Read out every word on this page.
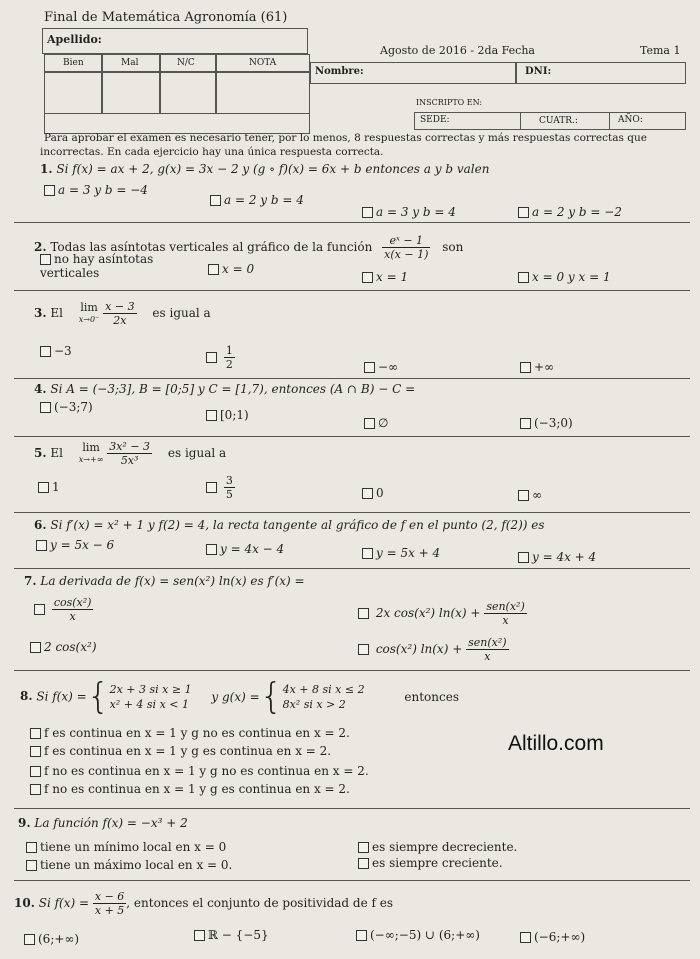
Final de Matemática Agronomía (61)
Apellido:
Agosto de 2016 - 2da Fecha	Tema 1
Bien	Mal	N/C	NOTA
Nombre:	DNI:
INSCRIPTO EN:
SEDE:	CUATR.:	AÑO:
Para aprobar el examen es necesario tener, por lo menos, 8 respuestas correctas y más respuestas correctas que
incorrectas. En cada ejercicio hay una única respuesta correcta.
1. Si f(x) = ax + 2, g(x) = 3x − 2 y (g ∘ f)(x) = 6x + b entonces a y b valen
a = 3 y b = −4
a = 2 y b = 4
a = 3 y b = 4	a = 2 y b = −2
2. Todas las asíntotas verticales al gráfico de la función $\frac{\text{eˣ − 1}}{x(x - 1)}$ son
no hay asíntotas
verticales	x = 0
x = 1	x = 0 y x = 1
3. El lim
x→0⁻
$\frac{x - 3}{2x}$ es igual a
−3
	$\frac{1}{2}$	−∞	+∞
4. Si A = (−3;3], B = [0;5] y C = [1,7), entonces (A ∩ B) − C =
(−3;7)
[0;1)
∅	(−3;0)
5. El lim
x→+∞
$\frac{\text{3x² − 3}}{\text{5x³}}$ es igual a
1
	$\frac{3}{5}$	0	∞
6. Si f′(x) = x² + 1 y f(2) = 4, la recta tangente al gráfico de f en el punto (2, f(2)) es
y = 5x − 6	y = 4x − 4	y = 5x + 4	y = 4x + 4
7. La derivada de f(x) = sen(x²) ln(x) es f′(x) =

$\frac{\text{cos(x²)}}{x}$	2x cos(x²) $\ln(x) + \frac{\text{sen(x²)}}{x}$
2 cos(x²)	cos(x²) $\ln(x) + \frac{\text{sen(x²)}}{x}$
8. Si f(x) ={ 2x + 3 si x ≥ 1
x² + 4 si x < 1
y g(x) ={ 4x + 8 si x ≤ 2
8x² si x > 2
entonces
f es continua en x = 1 y g no es continua en x = 2.
f es continua en x = 1 y g es continua en x = 2.
f no es continua en x = 1 y g no es continua en x = 2.
f no es continua en x = 1 y g es continua en x = 2.
Altillo.com
9. La función f(x) = −x³ + 2
tiene un mínimo local en x = 0	es siempre decreciente.
tiene un máximo local en x = 0.	es siempre creciente.
10. Si $f(x) = \frac{x - 6}{x + 5}$ , entonces el conjunto de positividad de f es
(6;+∞)	ℝ − {−5}	(−∞;−5) ∪ (6;+∞)	(−6;+∞)
